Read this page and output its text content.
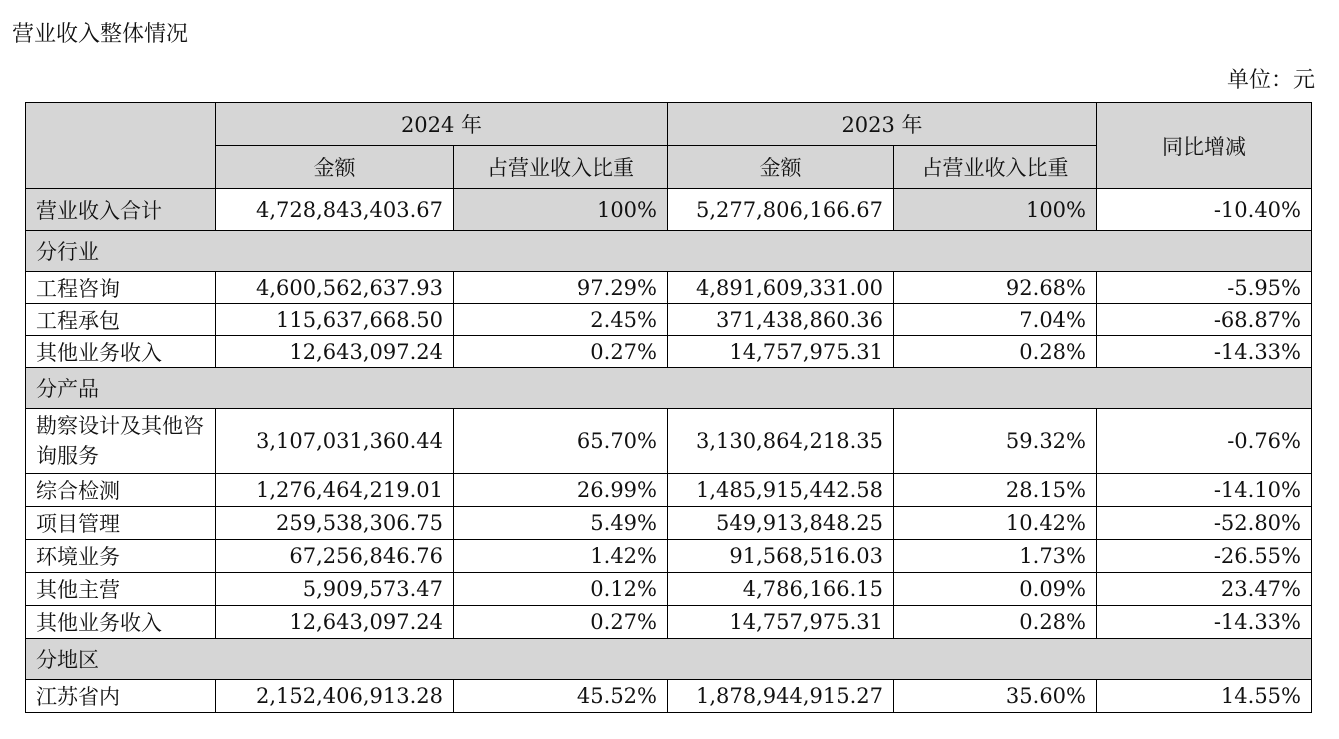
营业收入整体情况
单位：元
	2024 年		2023 年		同比增减
	金额	占营业收入比重	金额	占营业收入比重	
营业收入合计	4,728,843,403.67	100%	5,277,806,166.67	100%	-10.40%
分行业					
工程咨询	4,600,562,637.93	97.29%	4,891,609,331.00	92.68%	-5.95%
工程承包	115,637,668.50	2.45%	371,438,860.36	7.04%	-68.87%
其他业务收入	12,643,097.24	0.27%	14,757,975.31	0.28%	-14.33%
分产品					
勘察设计及其他咨询服务	3,107,031,360.44	65.70%	3,130,864,218.35	59.32%	-0.76%
综合检测	1,276,464,219.01	26.99%	1,485,915,442.58	28.15%	-14.10%
项目管理	259,538,306.75	5.49%	549,913,848.25	10.42%	-52.80%
环境业务	67,256,846.76	1.42%	91,568,516.03	1.73%	-26.55%
其他主营	5,909,573.47	0.12%	4,786,166.15	0.09%	23.47%
其他业务收入	12,643,097.24	0.27%	14,757,975.31	0.28%	-14.33%
分地区					
江苏省内	2,152,406,913.28	45.52%	1,878,944,915.27	35.60%	14.55%
